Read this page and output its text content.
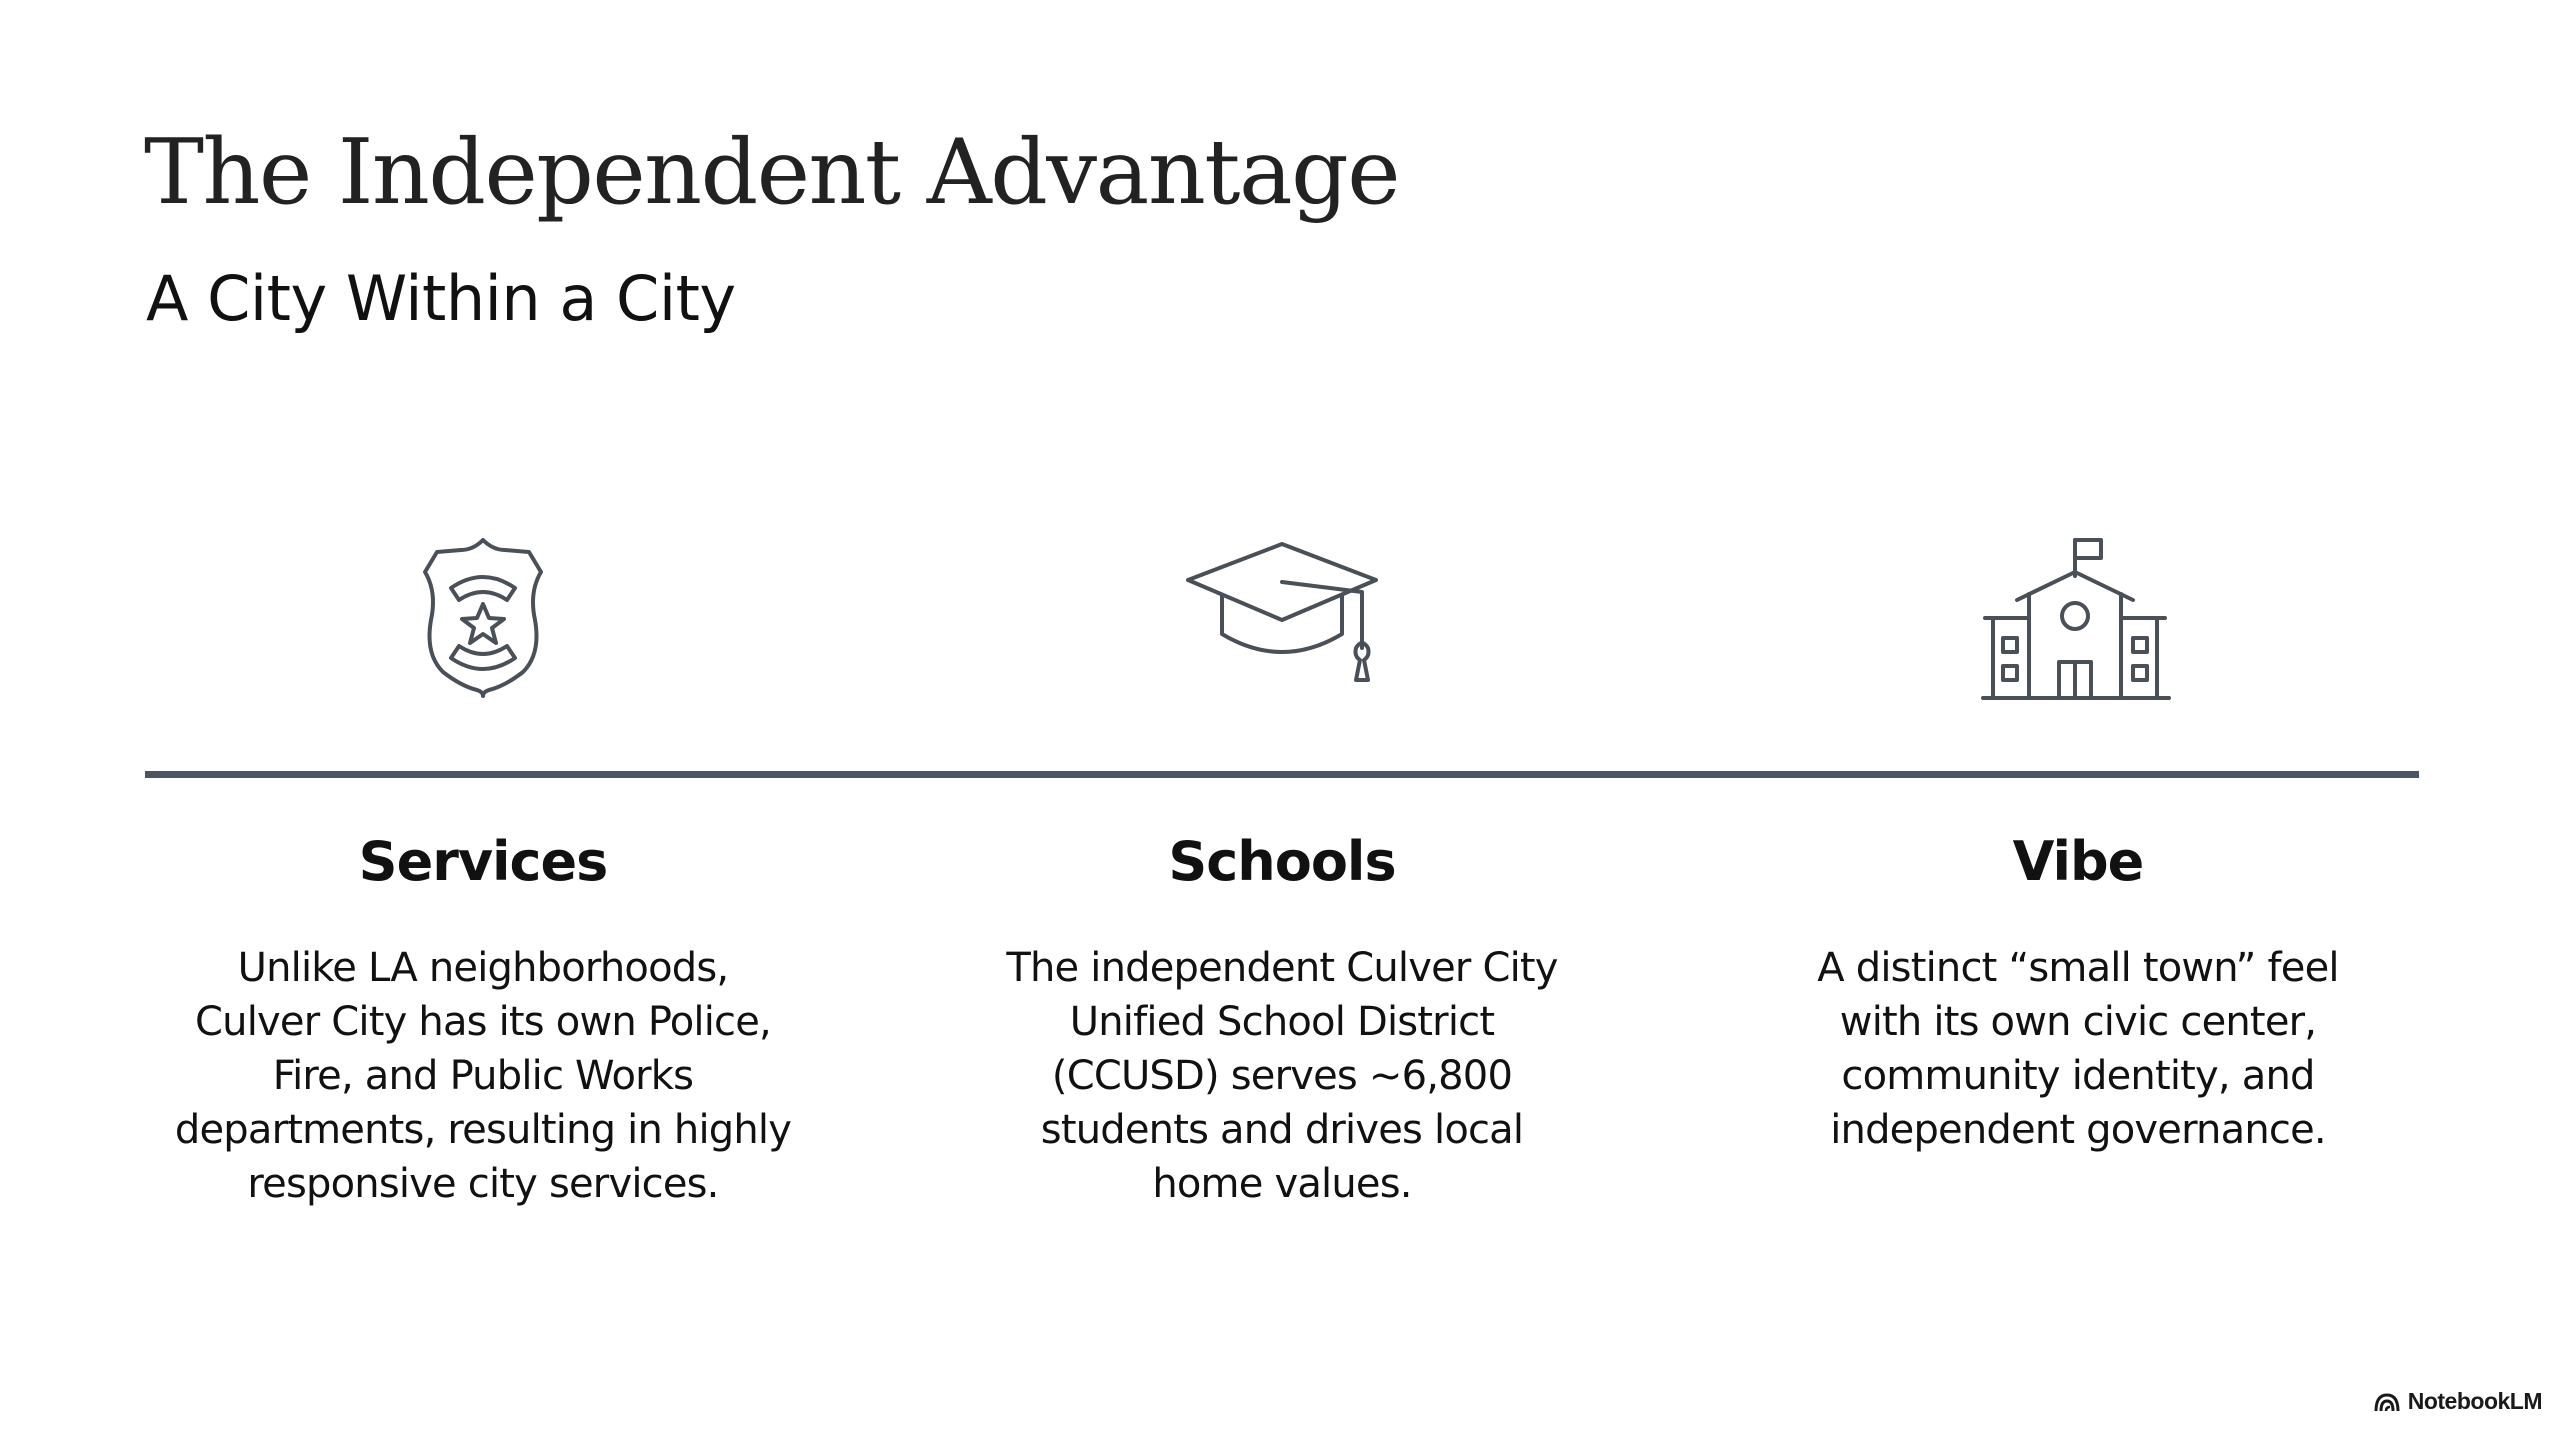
The Independent Advantage
A City Within a City
Services

Unlike LA neighborhoods,
Culver City has its own Police,
Fire, and Public Works
departments, resulting in highly
responsive city services.

Schools

The independent Culver City
Unified School District
(CCUSD) serves ~6,800
students and drives local
home values.

Vibe

A distinct “small town” feel
with its own civic center,
community identity, and
independent governance.

NotebookLM
